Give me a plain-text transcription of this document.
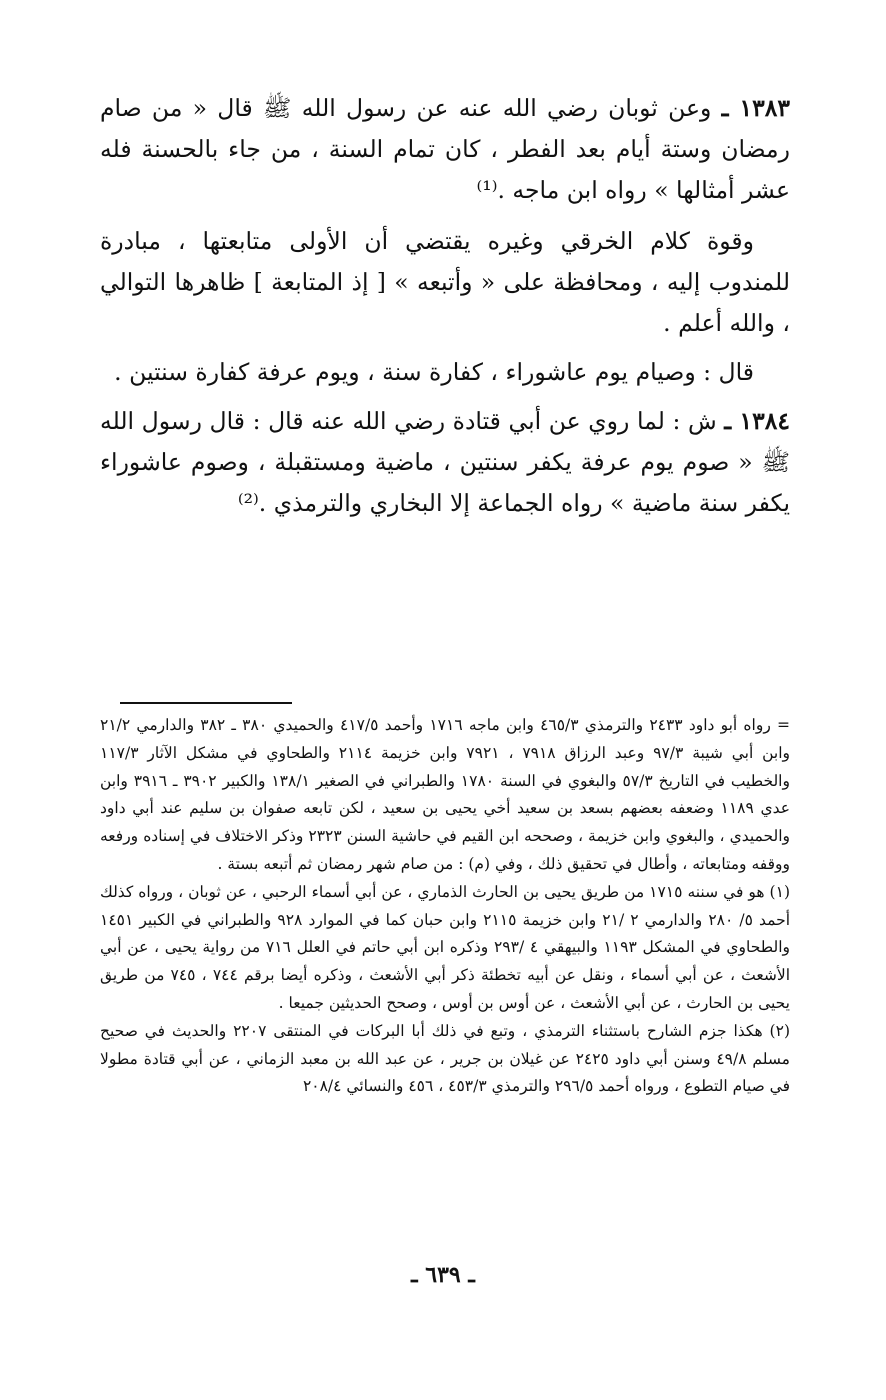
١٣٨٣ ـ وعن ثوبان رضي الله عنه عن رسول الله ﷺ قال « من صام رمضان وستة أيام بعد الفطر ، كان تمام السنة ، من جاء بالحسنة فله عشر أمثالها » رواه ابن ماجه .⁽¹⁾

وقوة كلام الخرقي وغيره يقتضي أن الأولى متابعتها ، مبادرة للمندوب إليه ، ومحافظة على « وأتبعه » [ إذ المتابعة ] ظاهرها التوالي ، والله أعلم .

قال : وصيام يوم عاشوراء ، كفارة سنة ، ويوم عرفة كفارة سنتين .

١٣٨٤ ـ ش : لما روي عن أبي قتادة رضي الله عنه قال : قال رسول الله ﷺ « صوم يوم عرفة يكفر سنتين ، ماضية ومستقبلة ، وصوم عاشوراء يكفر سنة ماضية » رواه الجماعة إلا البخاري والترمذي .⁽²⁾

= رواه أبو داود ٢٤٣٣ والترمذي ٤٦٥/٣ وابن ماجه ١٧١٦ وأحمد ٤١٧/٥ والحميدي ٣٨٠ ـ ٣٨٢ والدارمي ٢١/٢ وابن أبي شيبة ٩٧/٣ وعبد الرزاق ٧٩١٨ ، ٧٩٢١ وابن خزيمة ٢١١٤ والطحاوي في مشكل الآثار ١١٧/٣ والخطيب في التاريخ ٥٧/٣ والبغوي في السنة ١٧٨٠ والطبراني في الصغير ١٣٨/١ والكبير ٣٩٠٢ ـ ٣٩١٦ وابن عدي ١١٨٩ وضعفه بعضهم بسعد بن سعيد أخي يحيى بن سعيد ، لكن تابعه صفوان بن سليم عند أبي داود والحميدي ، والبغوي وابن خزيمة ، وصححه ابن القيم في حاشية السنن ٢٣٢٣ وذكر الاختلاف في إسناده ورفعه ووقفه ومتابعاته ، وأطال في تحقيق ذلك ، وفي (م) : من صام شهر رمضان ثم أتبعه بستة .

(١) هو في سننه ١٧١٥ من طريق يحيى بن الحارث الذماري ، عن أبي أسماء الرحبي ، عن ثوبان ، ورواه كذلك أحمد ٥/ ٢٨٠ والدارمي ٢ /٢١ وابن خزيمة ٢١١٥ وابن حبان كما في الموارد ٩٢٨ والطبراني في الكبير ١٤٥١ والطحاوي في المشكل ١١٩٣ والبيهقي ٤ /٢٩٣ وذكره ابن أبي حاتم في العلل ٧١٦ من رواية يحيى ، عن أبي الأشعث ، عن أبي أسماء ، ونقل عن أبيه تخطئة ذكر أبي الأشعث ، وذكره أيضا برقم ٧٤٤ ، ٧٤٥ من طريق يحيى بن الحارث ، عن أبي الأشعث ، عن أوس بن أوس ، وصحح الحديثين جميعا .

(٢) هكذا جزم الشارح باستثناء الترمذي ، وتبع في ذلك أبا البركات في المنتقى ٢٢٠٧ والحديث في صحيح مسلم ٤٩/٨ وسنن أبي داود ٢٤٢٥ عن غيلان بن جرير ، عن عبد الله بن معبد الزماني ، عن أبي قتادة مطولا في صيام التطوع ، ورواه أحمد ٢٩٦/٥ والترمذي ٤٥٣/٣ ، ٤٥٦ والنسائي ٢٠٨/٤

ـ ٦٣٩ ـ
